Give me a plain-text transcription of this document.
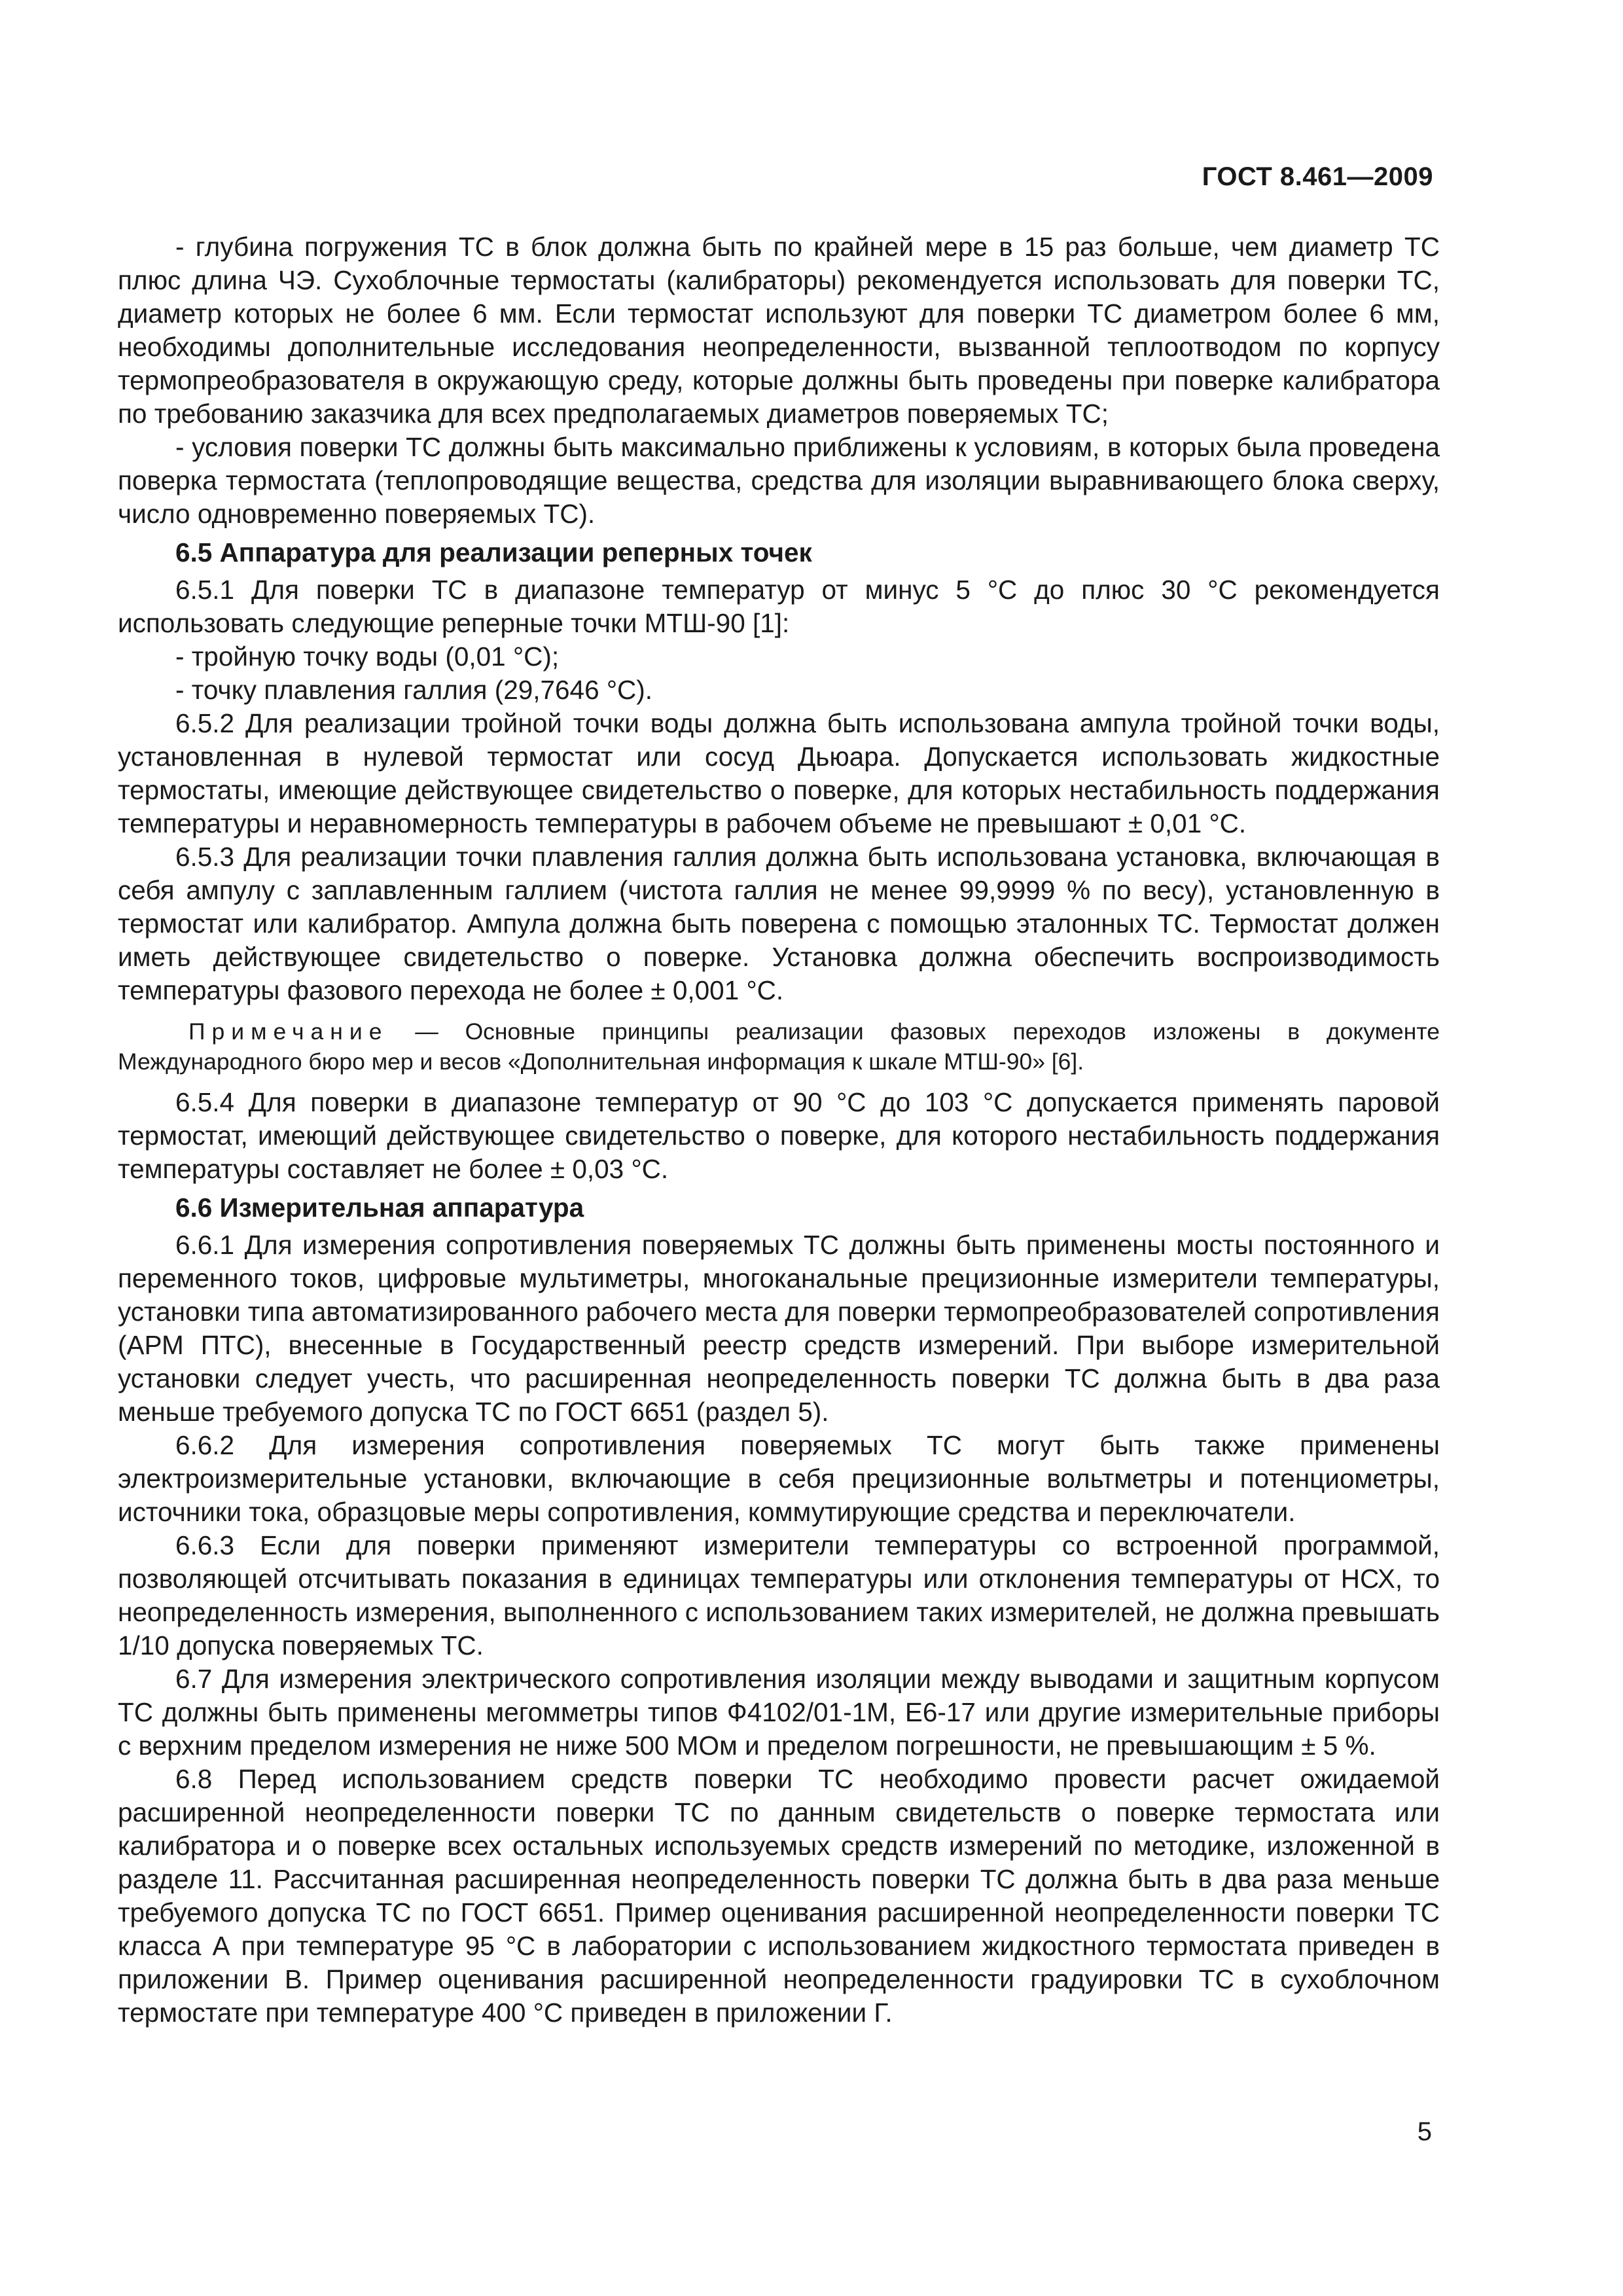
ГОСТ 8.461—2009

- глубина погружения ТС в блок должна быть по крайней мере в 15 раз больше, чем диаметр ТС плюс длина ЧЭ. Сухоблочные термостаты (калибраторы) рекомендуется использовать для поверки ТС, диаметр которых не более 6 мм. Если термостат используют для поверки ТС диаметром более 6 мм, необходимы дополнительные исследования неопределенности, вызванной теплоотводом по корпусу термопреобразователя в окружающую среду, которые должны быть проведены при поверке калибратора по требованию заказчика для всех предполагаемых диаметров поверяемых ТС;

- условия поверки ТС должны быть максимально приближены к условиям, в которых была проведена поверка термостата (теплопроводящие вещества, средства для изоляции выравнивающего блока сверху, число одновременно поверяемых ТС).

6.5 Аппаратура для реализации реперных точек

6.5.1 Для поверки ТС в диапазоне температур от минус 5 °С до плюс 30 °С рекомендуется использовать следующие реперные точки МТШ-90 [1]:

- тройную точку воды (0,01 °С);

- точку плавления галлия (29,7646 °С).

6.5.2 Для реализации тройной точки воды должна быть использована ампула тройной точки воды, установленная в нулевой термостат или сосуд Дьюара. Допускается использовать жидкостные термостаты, имеющие действующее свидетельство о поверке, для которых нестабильность поддержания температуры и неравномерность температуры в рабочем объеме не превышают ± 0,01 °С.

6.5.3 Для реализации точки плавления галлия должна быть использована установка, включающая в себя ампулу с заплавленным галлием (чистота галлия не менее 99,9999 % по весу), установленную в термостат или калибратор. Ампула должна быть поверена с помощью эталонных ТС. Термостат должен иметь действующее свидетельство о поверке. Установка должна обеспечить воспроизводимость температуры фазового перехода не более ± 0,001 °С.

Примечание — Основные принципы реализации фазовых переходов изложены в документе Международного бюро мер и весов «Дополнительная информация к шкале МТШ-90» [6].

6.5.4 Для поверки в диапазоне температур от 90 °С до 103 °С допускается применять паровой термостат, имеющий действующее свидетельство о поверке, для которого нестабильность поддержания температуры составляет не более ± 0,03 °С.

6.6 Измерительная аппаратура

6.6.1 Для измерения сопротивления поверяемых ТС должны быть применены мосты постоянного и переменного токов, цифровые мультиметры, многоканальные прецизионные измерители температуры, установки типа автоматизированного рабочего места для поверки термопреобразователей сопротивления (АРМ ПТС), внесенные в Государственный реестр средств измерений. При выборе измерительной установки следует учесть, что расширенная неопределенность поверки ТС должна быть в два раза меньше требуемого допуска ТС по ГОСТ 6651 (раздел 5).

6.6.2 Для измерения сопротивления поверяемых ТС могут быть также применены электроизмерительные установки, включающие в себя прецизионные вольтметры и потенциометры, источники тока, образцовые меры сопротивления, коммутирующие средства и переключатели.

6.6.3 Если для поверки применяют измерители температуры со встроенной программой, позволяющей отсчитывать показания в единицах температуры или отклонения температуры от НСХ, то неопределенность измерения, выполненного с использованием таких измерителей, не должна превышать 1/10 допуска поверяемых ТС.

6.7 Для измерения электрического сопротивления изоляции между выводами и защитным корпусом ТС должны быть применены мегомметры типов Ф4102/01-1М, Е6-17 или другие измерительные приборы с верхним пределом измерения не ниже 500 МОм и пределом погрешности, не превышающим ± 5 %.

6.8 Перед использованием средств поверки ТС необходимо провести расчет ожидаемой расширенной неопределенности поверки ТС по данным свидетельств о поверке термостата или калибратора и о поверке всех остальных используемых средств измерений по методике, изложенной в разделе 11. Рассчитанная расширенная неопределенность поверки ТС должна быть в два раза меньше требуемого допуска ТС по ГОСТ 6651. Пример оценивания расширенной неопределенности поверки ТС класса А при температуре 95 °С в лаборатории с использованием жидкостного термостата приведен в приложении В. Пример оценивания расширенной неопределенности градуировки ТС в сухоблочном термостате при температуре 400 °С приведен в приложении Г.

5
